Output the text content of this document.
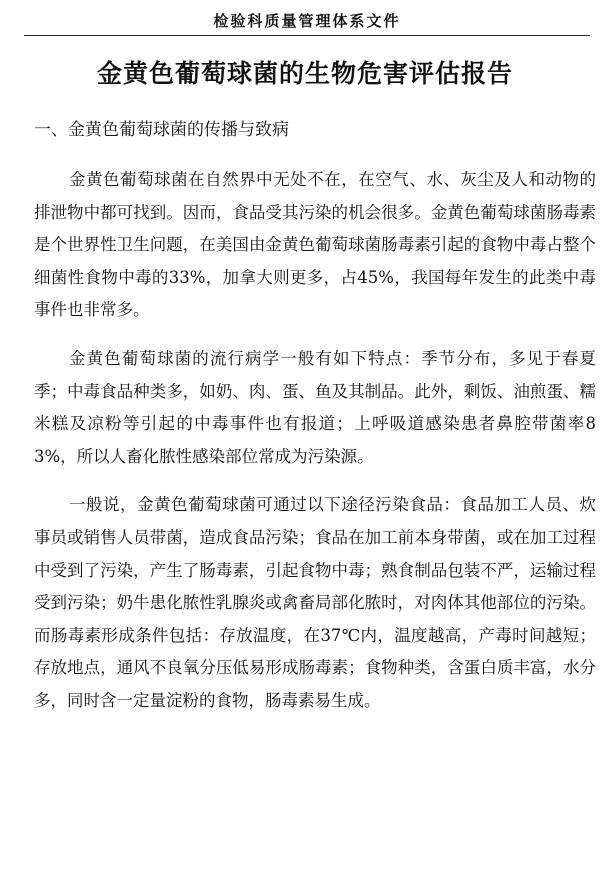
检验科质量管理体系文件
金黄色葡萄球菌的生物危害评估报告
一、金黄色葡萄球菌的传播与致病

金黄色葡萄球菌在自然界中无处不在，在空气、水、灰尘及人和动物的排泄物中都可找到。因而，食品受其污染的机会很多。金黄色葡萄球菌肠毒素是个世界性卫生问题，在美国由金黄色葡萄球菌肠毒素引起的食物中毒占整个细菌性食物中毒的33%，加拿大则更多，占45%，我国每年发生的此类中毒事件也非常多。

金黄色葡萄球菌的流行病学一般有如下特点：季节分布，多见于春夏季；中毒食品种类多，如奶、肉、蛋、鱼及其制品。此外，剩饭、油煎蛋、糯米糕及凉粉等引起的中毒事件也有报道；上呼吸道感染患者鼻腔带菌率83%，所以人畜化脓性感染部位常成为污染源。

一般说，金黄色葡萄球菌可通过以下途径污染食品：食品加工人员、炊事员或销售人员带菌，造成食品污染；食品在加工前本身带菌，或在加工过程中受到了污染，产生了肠毒素，引起食物中毒；熟食制品包装不严，运输过程受到污染；奶牛患化脓性乳腺炎或禽畜局部化脓时，对肉体其他部位的污染。而肠毒素形成条件包括：存放温度，在37℃内，温度越高，产毒时间越短；存放地点，通风不良氧分压低易形成肠毒素；食物种类，含蛋白质丰富，水分多，同时含一定量淀粉的食物，肠毒素易生成。
